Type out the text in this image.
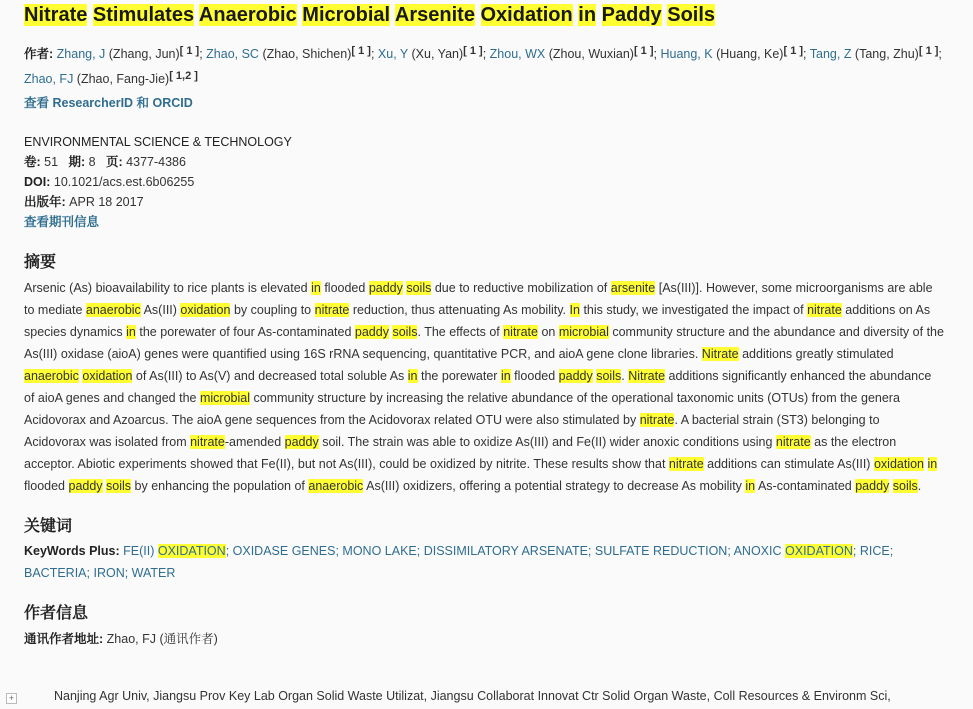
Nitrate Stimulates Anaerobic Microbial Arsenite Oxidation in Paddy Soils
作者: Zhang, J (Zhang, Jun)[ 1 ]; Zhao, SC (Zhao, Shichen)[ 1 ]; Xu, Y (Xu, Yan)[ 1 ]; Zhou, WX (Zhou, Wuxian)[ 1 ]; Huang, K (Huang, Ke)[ 1 ]; Tang, Z (Tang, Zhu)[ 1 ]; Zhao, FJ (Zhao, Fang-Jie)[ 1,2 ]
查看 ResearcherID 和 ORCID
ENVIRONMENTAL SCIENCE & TECHNOLOGY
卷: 51 期: 8 页: 4377-4386
DOI: 10.1021/acs.est.6b06255
出版年: APR 18 2017
查看期刊信息
摘要
Arsenic (As) bioavailability to rice plants is elevated in flooded paddy soils due to reductive mobilization of arsenite [As(III)]. However, some microorganisms are able to mediate anaerobic As(III) oxidation by coupling to nitrate reduction, thus attenuating As mobility. In this study, we investigated the impact of nitrate additions on As species dynamics in the porewater of four As-contaminated paddy soils. The effects of nitrate on microbial community structure and the abundance and diversity of the As(III) oxidase (aioA) genes were quantified using 16S rRNA sequencing, quantitative PCR, and aioA gene clone libraries. Nitrate additions greatly stimulated anaerobic oxidation of As(III) to As(V) and decreased total soluble As in the porewater in flooded paddy soils. Nitrate additions significantly enhanced the abundance of aioA genes and changed the microbial community structure by increasing the relative abundance of the operational taxonomic units (OTUs) from the genera Acidovorax and Azoarcus. The aioA gene sequences from the Acidovorax related OTU were also stimulated by nitrate. A bacterial strain (ST3) belonging to Acidovorax was isolated from nitrate-amended paddy soil. The strain was able to oxidize As(III) and Fe(II) wider anoxic conditions using nitrate as the electron acceptor. Abiotic experiments showed that Fe(II), but not As(III), could be oxidized by nitrite. These results show that nitrate additions can stimulate As(III) oxidation in flooded paddy soils by enhancing the population of anaerobic As(III) oxidizers, offering a potential strategy to decrease As mobility in As-contaminated paddy soils.
关键词
KeyWords Plus: FE(II) OXIDATION; OXIDASE GENES; MONO LAKE; DISSIMILATORY ARSENATE; SULFATE REDUCTION; ANOXIC OXIDATION; RICE; BACTERIA; IRON; WATER
作者信息
通讯作者地址: Zhao, FJ (通讯作者)
+	Nanjing Agr Univ, Jiangsu Prov Key Lab Organ Solid Waste Utilizat, Jiangsu Collaborat Innovat Ctr Solid Organ Waste, Coll Resources & Environm Sci,
